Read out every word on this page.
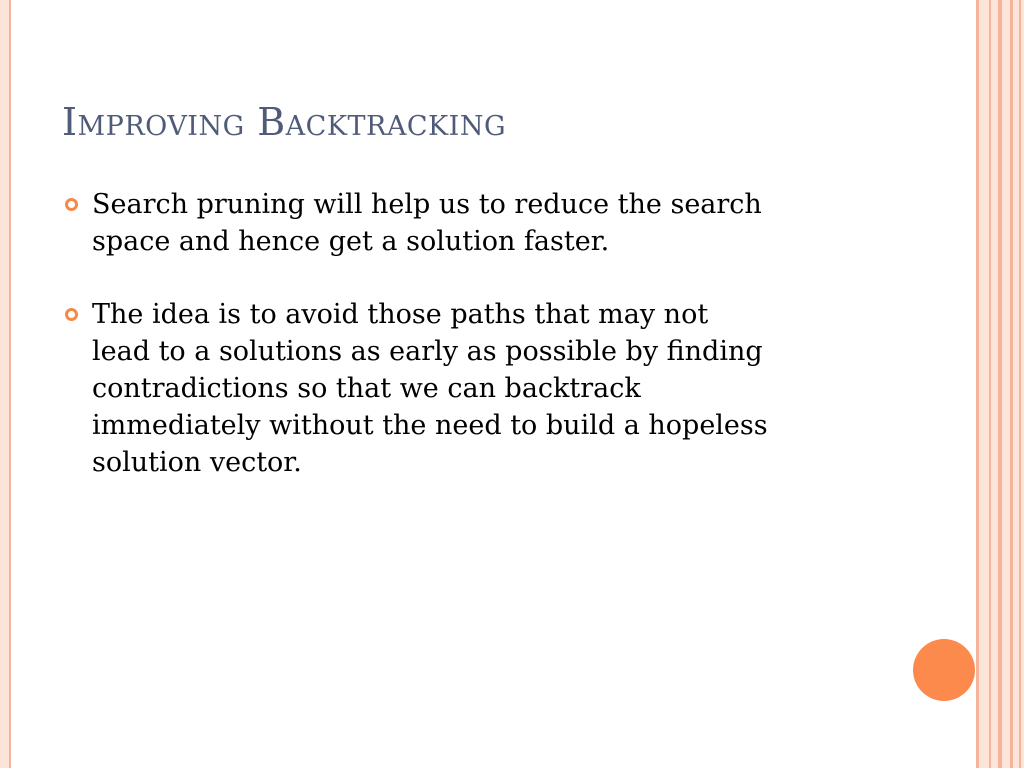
Improving Backtracking
Search pruning will help us to reduce the search
space and hence get a solution faster.
The idea is to avoid those paths that may not
lead to a solutions as early as possible by finding
contradictions so that we can backtrack
immediately without the need to build a hopeless
solution vector.
